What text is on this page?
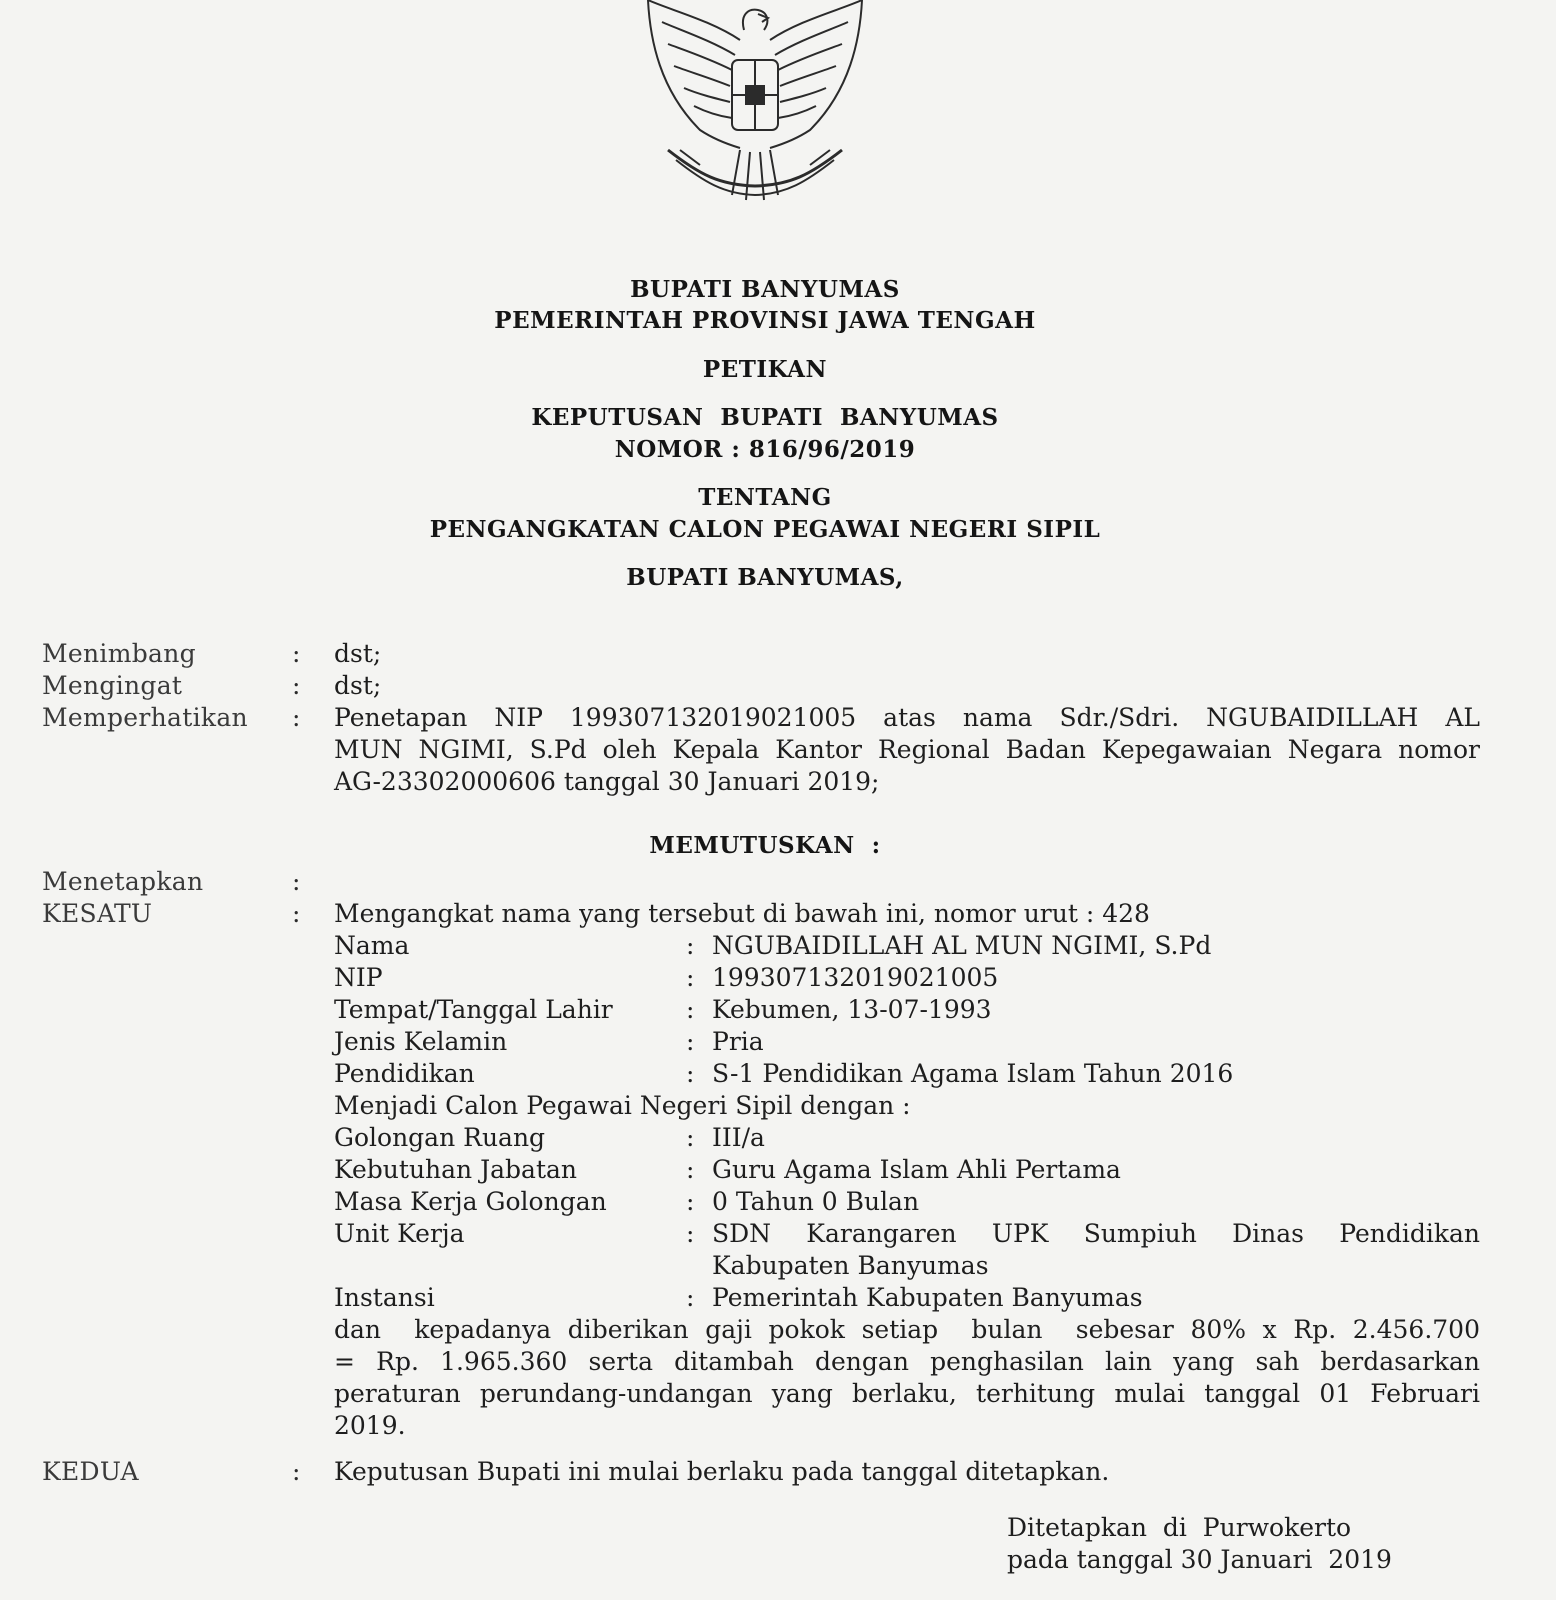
BUPATI BANYUMAS
PEMERINTAH PROVINSI JAWA TENGAH
PETIKAN
KEPUTUSAN  BUPATI  BANYUMAS
NOMOR : 816/96/2019
TENTANG
PENGANGKATAN CALON PEGAWAI NEGERI SIPIL
BUPATI BANYUMAS,
Menimbang	: dst;
Mengingat	: dst;
Memperhatikan : Penetapan NIP 199307132019021005 atas nama Sdr./Sdri. NGUBAIDILLAH AL
MUN NGIMI, S.Pd oleh Kepala Kantor Regional Badan Kepegawaian Negara nomor
AG-23302000606 tanggal 30 Januari 2019;
MEMUTUSKAN  :
Menetapkan	:
KESATU	: Mengangkat nama yang tersebut di bawah ini, nomor urut : 428
Nama	: NGUBAIDILLAH AL MUN NGIMI, S.Pd
NIP	: 199307132019021005
Tempat/Tanggal Lahir	: Kebumen, 13-07-1993
Jenis Kelamin	: Pria
Pendidikan	: S-1 Pendidikan Agama Islam Tahun 2016
Menjadi Calon Pegawai Negeri Sipil dengan :
Golongan Ruang	: III/a
Kebutuhan Jabatan	: Guru Agama Islam Ahli Pertama
Masa Kerja Golongan	: 0 Tahun 0 Bulan
Unit Kerja	: SDN Karangaren UPK Sumpiuh Dinas Pendidikan
Kabupaten Banyumas
Instansi	: Pemerintah Kabupaten Banyumas
dan  kepadanya diberikan gaji pokok setiap  bulan  sebesar 80% x Rp. 2.456.700
= Rp. 1.965.360 serta ditambah dengan penghasilan lain yang sah berdasarkan
peraturan perundang-undangan yang berlaku, terhitung mulai tanggal 01 Februari
2019.
KEDUA	: Keputusan Bupati ini mulai berlaku pada tanggal ditetapkan.
Ditetapkan  di  Purwokerto
pada tanggal 30 Januari  2019
